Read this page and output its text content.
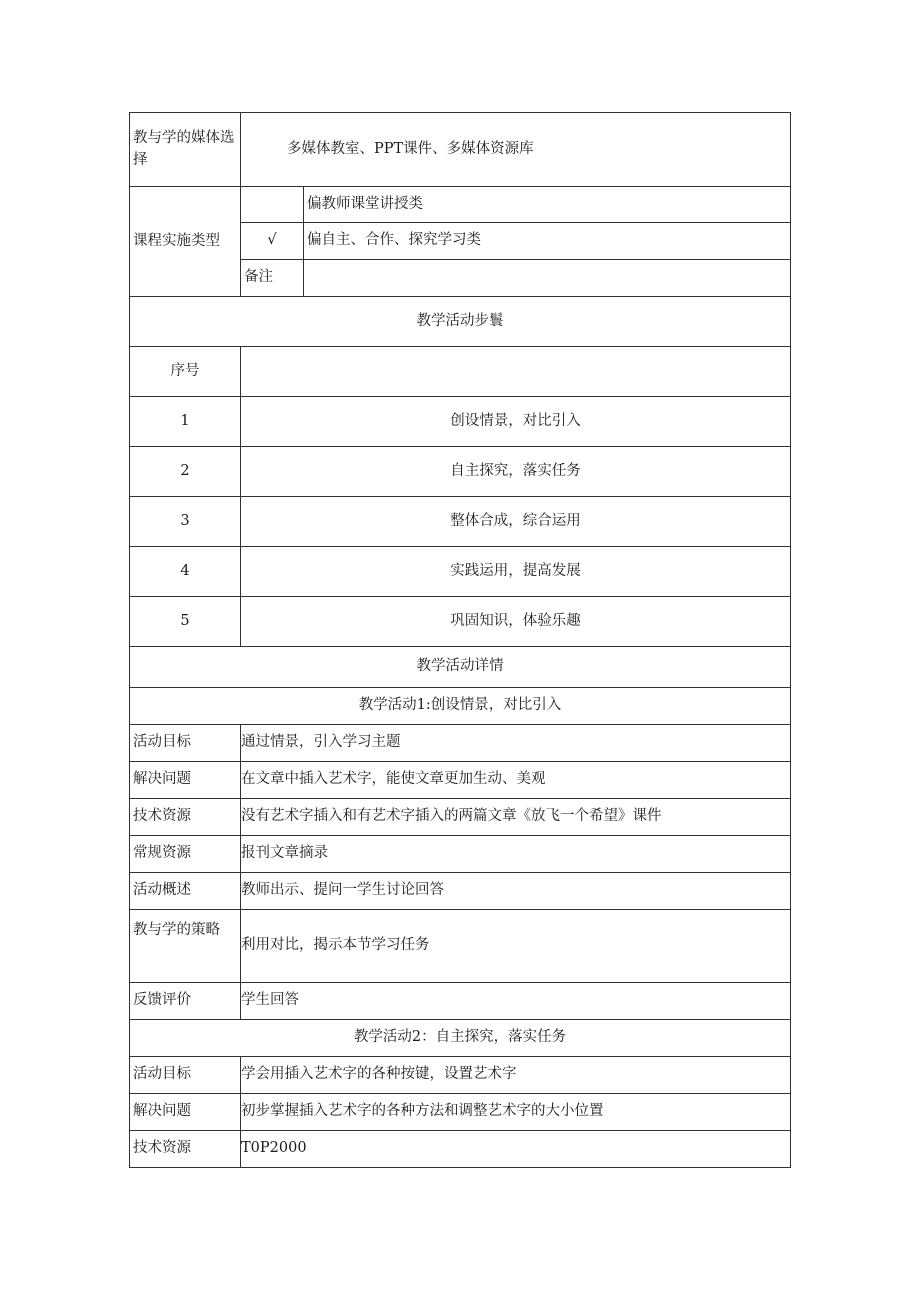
教与学的媒体选择	多媒体教室、PPT课件、多媒体资源库	
课程实施类型		偏教师课堂讲授类
	√	偏自主、合作、探究学习类
	备注	
教学活动步鬟		
序号		
1	创设情景，对比引入	
2	自主探究，落实任务	
3	整体合成，综合运用	
4	实践运用，提高发展	
5	巩固知识，体验乐趣	
教学活动详情		
教学活动1:创设情景，对比引入		
活动目标	通过情景，引入学习主题	
解决问题	在文章中插入艺术字，能使文章更加生动、美观	
技术资源	没有艺术字插入和有艺术字插入的两篇文章《放飞一个希望》课件	
常规资源	报刊文章摘录	
活动概述	教师出示、提问一学生讨论回答	
教与学的策略	利用对比，揭示本节学习任务	
反馈评价	学生回答	
教学活动2：自主探究，落实任务		
活动目标	学会用插入艺术字的各种按键，设置艺术字	
解决问题	初步掌握插入艺术字的各种方法和调整艺术字的大小位置	
技术资源	T0P2000	
